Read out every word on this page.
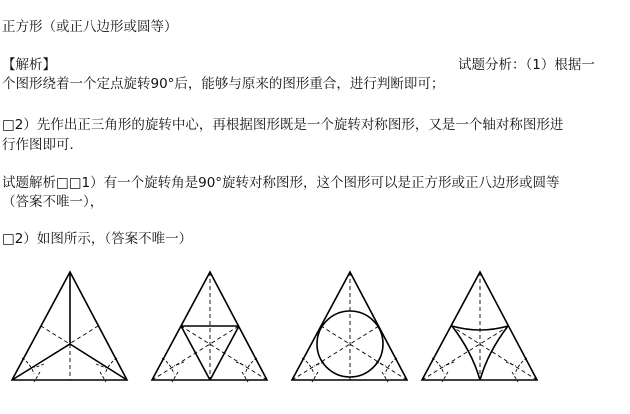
正方形（或正八边形或圆等）
【解析】	试题分析：（1）根据一
个图形绕着一个定点旋转90°后，能够与原来的图形重合，进行判断即可；
□2）先作出正三角形的旋转中心，再根据图形既是一个旋转对称图形，又是一个轴对称图形进
行作图即可．
试题解析□□1）有一个旋转角是90°旋转对称图形，这个图形可以是正方形或正八边形或圆等
（答案不唯一），
□2）如图所示，（答案不唯一）
